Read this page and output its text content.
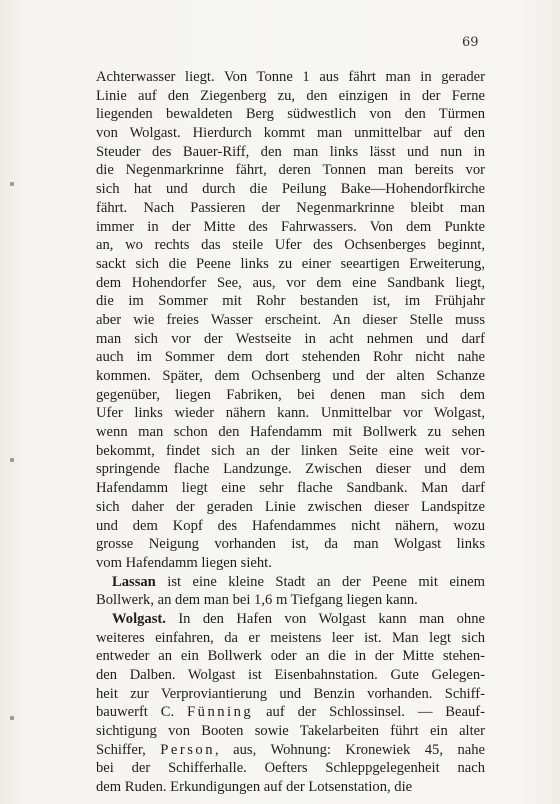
69
Achterwasser liegt. Von Tonne 1 aus fährt man in gerader
Linie auf den Ziegenberg zu, den einzigen in der Ferne
liegenden bewaldeten Berg südwestlich von den Türmen
von Wolgast. Hierdurch kommt man unmittelbar auf den
Steuder des Bauer-Riff, den man links lässt und nun in
die Negenmarkrinne fährt, deren Tonnen man bereits vor
sich hat und durch die Peilung Bake—Hohendorfkirche
fährt. Nach Passieren der Negenmarkrinne bleibt man
immer in der Mitte des Fahrwassers. Von dem Punkte
an, wo rechts das steile Ufer des Ochsenberges beginnt,
sackt sich die Peene links zu einer seeartigen Erweiterung,
dem Hohendorfer See, aus, vor dem eine Sandbank liegt,
die im Sommer mit Rohr bestanden ist, im Frühjahr
aber wie freies Wasser erscheint. An dieser Stelle muss
man sich vor der Westseite in acht nehmen und darf
auch im Sommer dem dort stehenden Rohr nicht nahe
kommen. Später, dem Ochsenberg und der alten Schanze
gegenüber, liegen Fabriken, bei denen man sich dem
Ufer links wieder nähern kann. Unmittelbar vor Wolgast,
wenn man schon den Hafendamm mit Bollwerk zu sehen
bekommt, findet sich an der linken Seite eine weit vor-
springende flache Landzunge. Zwischen dieser und dem
Hafendamm liegt eine sehr flache Sandbank. Man darf
sich daher der geraden Linie zwischen dieser Landspitze
und dem Kopf des Hafendammes nicht nähern, wozu
grosse Neigung vorhanden ist, da man Wolgast links
vom Hafendamm liegen sieht.
Lassan ist eine kleine Stadt an der Peene mit einem
Bollwerk, an dem man bei 1,6 m Tiefgang liegen kann.
Wolgast. In den Hafen von Wolgast kann man ohne
weiteres einfahren, da er meistens leer ist. Man legt sich
entweder an ein Bollwerk oder an die in der Mitte stehen-
den Dalben. Wolgast ist Eisenbahnstation. Gute Gelegen-
heit zur Verproviantierung und Benzin vorhanden. Schiff-
bauwerft C. Fünning auf der Schlossinsel. — Beauf-
sichtigung von Booten sowie Takelarbeiten führt ein alter
Schiffer, Person, aus, Wohnung: Kronewiek 45, nahe
bei der Schifferhalle. Oefters Schleppgelegenheit nach
dem Ruden. Erkundigungen auf der Lotsenstation, die
